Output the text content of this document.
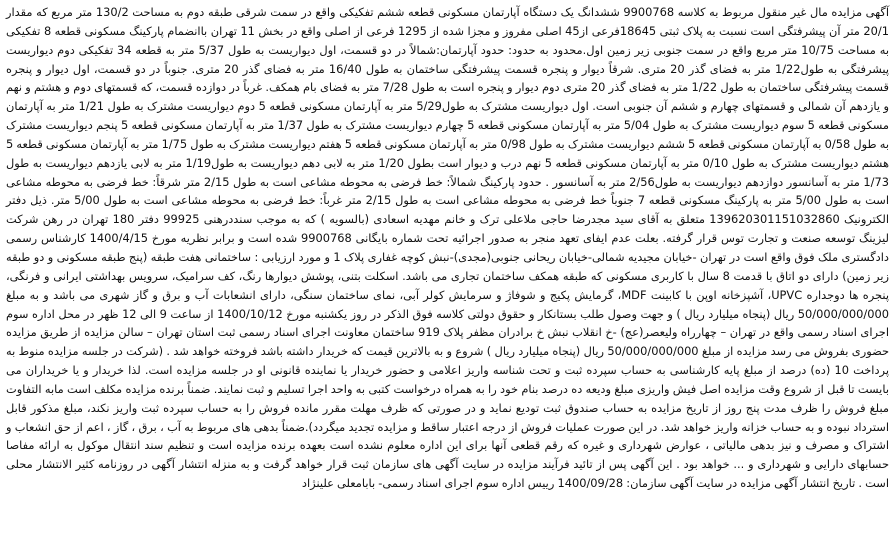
آگهی مزایده مال غیر منقول مربوط به کلاسه 9900768 ششدانگ یک دستگاه آپارتمان مسکونی قطعه ششم تفکیکی واقع در سمت شرقی طبقه دوم به مساحت 130/2 متر مربع که مقدار 20/1 متر آن پیشرفتگی است نسبت به پلاک ثبتی 18645فرعی از45 اصلی مفروز و مجزا شده از 1295 فرعی از اصلی واقع در بخش 11 تهران باانضمام پارکینگ مسکونی قطعه 8 تفکیکی به مساحت 10/75 متر مربع واقع در سمت جنوبی زیر زمین اول.محدود به حدود: حدود آپارتمان:شمالاً در دو قسمت، اول دیواریست به طول 5/37 متر به قطعه 34 تفکیکی دوم دیواریست پیشرفتگی به طول1/22 متر به فضای گذر 20 متری. شرقاً دیوار و پنجره قسمت پیشرفتگی ساختمان به طول 16/40 متر به فضای گذر 20 متری. جنوباً در دو قسمت، اول دیوار و پنجره قسمت پیشرفتگی ساختمان به طول 1/22 متر به فضای گذر 20 متری دوم دیوار و پنجره است به طول 7/28 متر به فضای بام همکف. غرباً در دوازده قسمت، که قسمتهای دوم و هشتم و نهم و یازدهم آن شمالی و قسمتهای چهارم و ششم آن جنوبی است. اول دیواریست مشترک به طول5/29 متر به آپارتمان مسکونی قطعه 5 دوم دیواریست مشترک به طول 1/21 متر به آپارتمان مسکونی قطعه 5 سوم دیواریست مشترک به طول 5/04 متر به آپارتمان مسکونی قطعه 5 چهارم دیواریست مشترک به طول 1/37 متر به آپارتمان مسکونی قطعه 5 پنجم دیواریست مشترک به طول 0/58 به آپارتمان مسکونی قطعه 5 ششم دیواریست مشترک به طول 0/98 متر به آپارتمان مسکونی قطعه 5 هفتم دیواریست مشترک به طول 1/75 متر به آپارتمان مسکونی قطعه 5 هشتم دیواریست مشترک به طول 0/10 متر به آپارتمان مسکونی قطعه 5 نهم درب و دیوار است بطول 1/20 متر به لابی دهم دیواریست به طول1/19 متر به لابی یازدهم دیواریست به طول 1/73 متر به آسانسور دوازدهم دیواریست به طول2/56 متر به آسانسور . حدود پارکینگ شمالاً: خط فرضی به محوطه مشاعی است به طول 2/15 متر شرقاً: خط فرضی به محوطه مشاعی است به طول 5/00 متر به پارکینگ مسکونی قطعه 7 جنوباً خط فرضی به محوطه مشاعی است به طول 2/15 متر غرباً: خط فرضی به محوطه مشاعی است به طول 5/00 متر. ذیل دفتر الکترونیک 139620301151032860 متعلق به آقای سید مجدرضا حاجی ملاعلی ترک و خانم مهدیه اسعادی (بالسویه ) که به موجب سنددرهنی 99925 دفتر 180 تهران در رهن شرکت لیزینگ توسعه صنعت و تجارت توس قرار گرفته. بعلت عدم ایفای تعهد منجر به صدور اجرائیه تحت شماره بایگانی 9900768 شده است و برابر نظریه مورخ 1400/4/15 کارشناس رسمی دادگستری ملک فوق واقع است در تهران -خیابان مجیدیه شمالی-خیابان ریحانی جنوبی(مجدی)-نبش کوچه غفاری پلاک 1 و مورد ارزیابی : ساختمانی هفت طبقه (پنج طبقه مسکونی و دو طبقه زیر زمین) دارای دو اتاق با قدمت 8 سال با کاربری مسکونی که طبقه همکف ساختمان تجاری می باشد. اسکلت بتنی، پوشش دیوارها رنگ، کف سرامیک، سرویس بهداشتی ایرانی و فرنگی، پنجره ها دوجداره UPVC، آشپزخانه اوپن با کابینت MDF، گرمایش پکیج و شوفاژ و سرمایش کولر آبی، نمای ساختمان سنگی، دارای انشعابات آب و برق و گاز شهری می باشد و به مبلغ 50/000/000/000 ریال (پنجاه میلیارد ریال ) و جهت وصول طلب بستانکار و حقوق دولتی کلاسه فوق الذکر در روز یکشنبه مورخ 1400/10/12 از ساعت 9 الی 12 ظهر در محل اداره سوم اجرای اسناد رسمی واقع در تهران – چهارراه ولیعصر(عج) -خ انقلاب نبش خ برادران مظفر پلاک 919 ساختمان معاونت اجرای اسناد رسمی ثبت استان تهران – سالن مزایده از طریق مزایده حضوری بفروش می رسد مزایده از مبلغ 50/000/000/000 ریال (پنجاه میلیارد ریال ) شروع و به بالاترین قیمت که خریدار داشته باشد فروخته خواهد شد . (شرکت در جلسه مزایده منوط به پرداخت 10 (ده) درصد از مبلغ پایه کارشناسی به حساب سپرده ثبت و تحت شناسه واریز اعلامی و حضور خریدار یا نماینده قانونی او در جلسه مزایده است. لذا خریدار و یا خریداران می بایست تا قبل از شروع وقت مزایده اصل فیش واریزی مبلغ ودیعه ده درصد بنام خود را به همراه درخواست کتبی به واحد اجرا تسلیم و ثبت نمایند. ضمناً برنده مزایده مکلف است مابه التفاوت مبلغ فروش را ظرف مدت پنج روز از تاریخ مزایده به حساب صندوق ثبت تودیع نماید و در صورتی که ظرف مهلت مقرر مانده فروش را به حساب سپرده ثبت واریز نکند، مبلغ مذکور قابل استرداد نبوده و به حساب خزانه واریز خواهد شد. در این صورت عملیات فروش از درجه اعتبار ساقط و مزایده تجدید میگردد).ضمناً بدهی های مربوط به آب ، برق ، گاز ، اعم از حق انشعاب و اشتراک و مصرف و نیز بدهی مالیاتی ، عوارض شهرداری و غیره که رقم قطعی آنها برای این اداره معلوم نشده است بعهده برنده مزایده است و تنظیم سند انتقال موکول به ارائه مفاصا حسابهای دارایی و شهرداری و ... خواهد بود . این آگهی پس از تائید فرآیند مزایده در سایت آگهی های سازمان ثبت قرار خواهد گرفت و به منزله انتشار آگهی در روزنامه کثیر الانتشار محلی است . تاریخ انتشار آگهی مزایده در سایت آگهی سازمان: 1400/09/28 رییس اداره سوم اجرای اسناد رسمی- بابامعلی علینژاد
